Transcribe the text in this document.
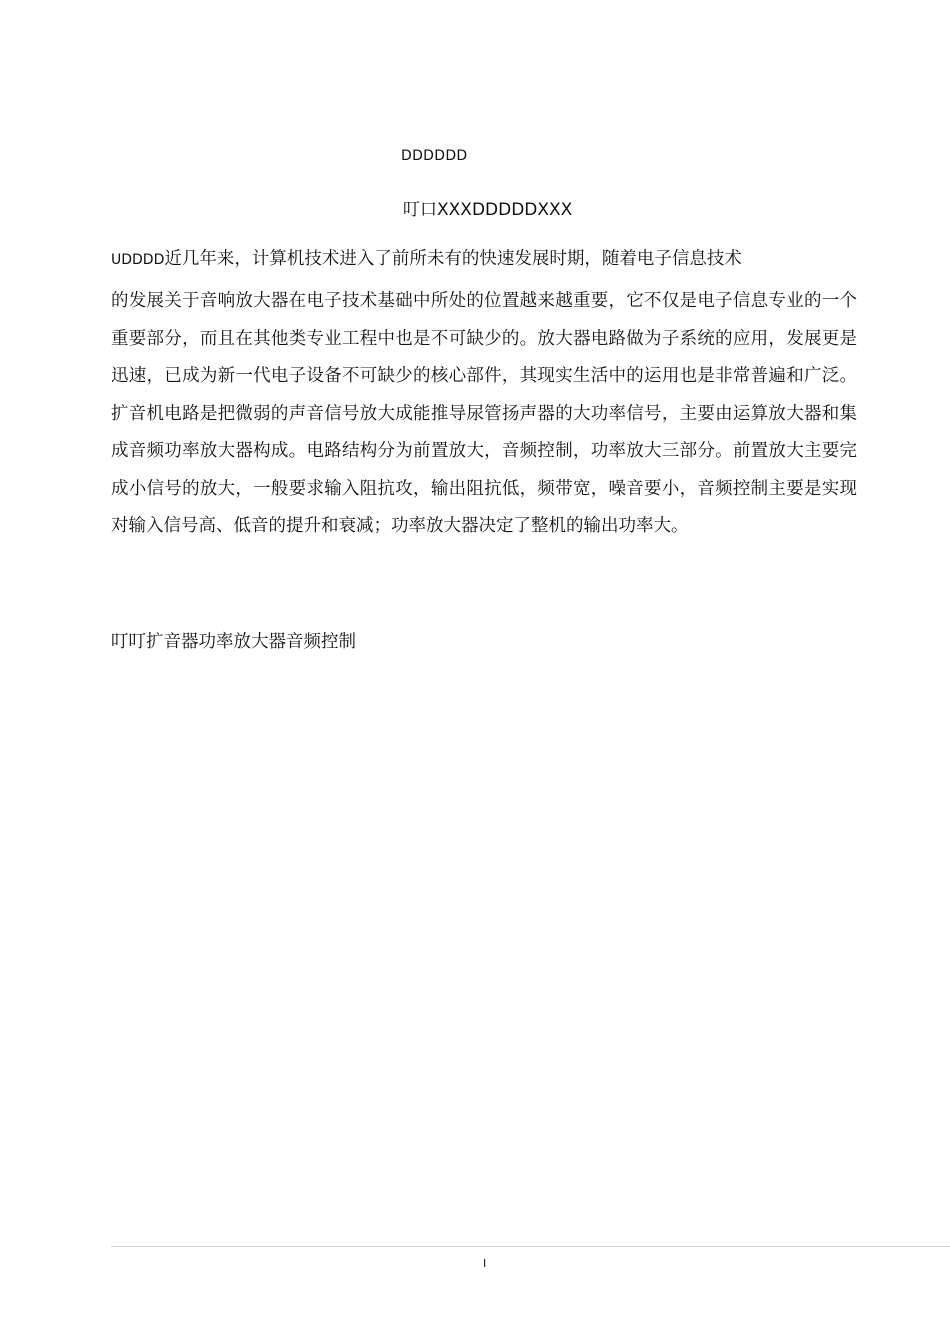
DDDDDD
叮口XXXDDDDDXXX
UDDDD近几年来，计算机技术进入了前所未有的快速发展时期，随着电子信息技术
的发展关于音响放大器在电子技术基础中所处的位置越来越重要，它不仅是电子信息专业的一个重要部分，而且在其他类专业工程中也是不可缺少的。放大器电路做为子系统的应用，发展更是迅速，已成为新一代电子设备不可缺少的核心部件，其现实生活中的运用也是非常普遍和广泛。扩音机电路是把微弱的声音信号放大成能推导尿管扬声器的大功率信号，主要由运算放大器和集成音频功率放大器构成。电路结构分为前置放大，音频控制，功率放大三部分。前置放大主要完成小信号的放大，一般要求输入阻抗攻，输出阻抗低，频带宽，噪音要小，音频控制主要是实现对输入信号高、低音的提升和衰减；功率放大器决定了整机的输出功率大。
叮叮扩音器功率放大器音频控制
I
